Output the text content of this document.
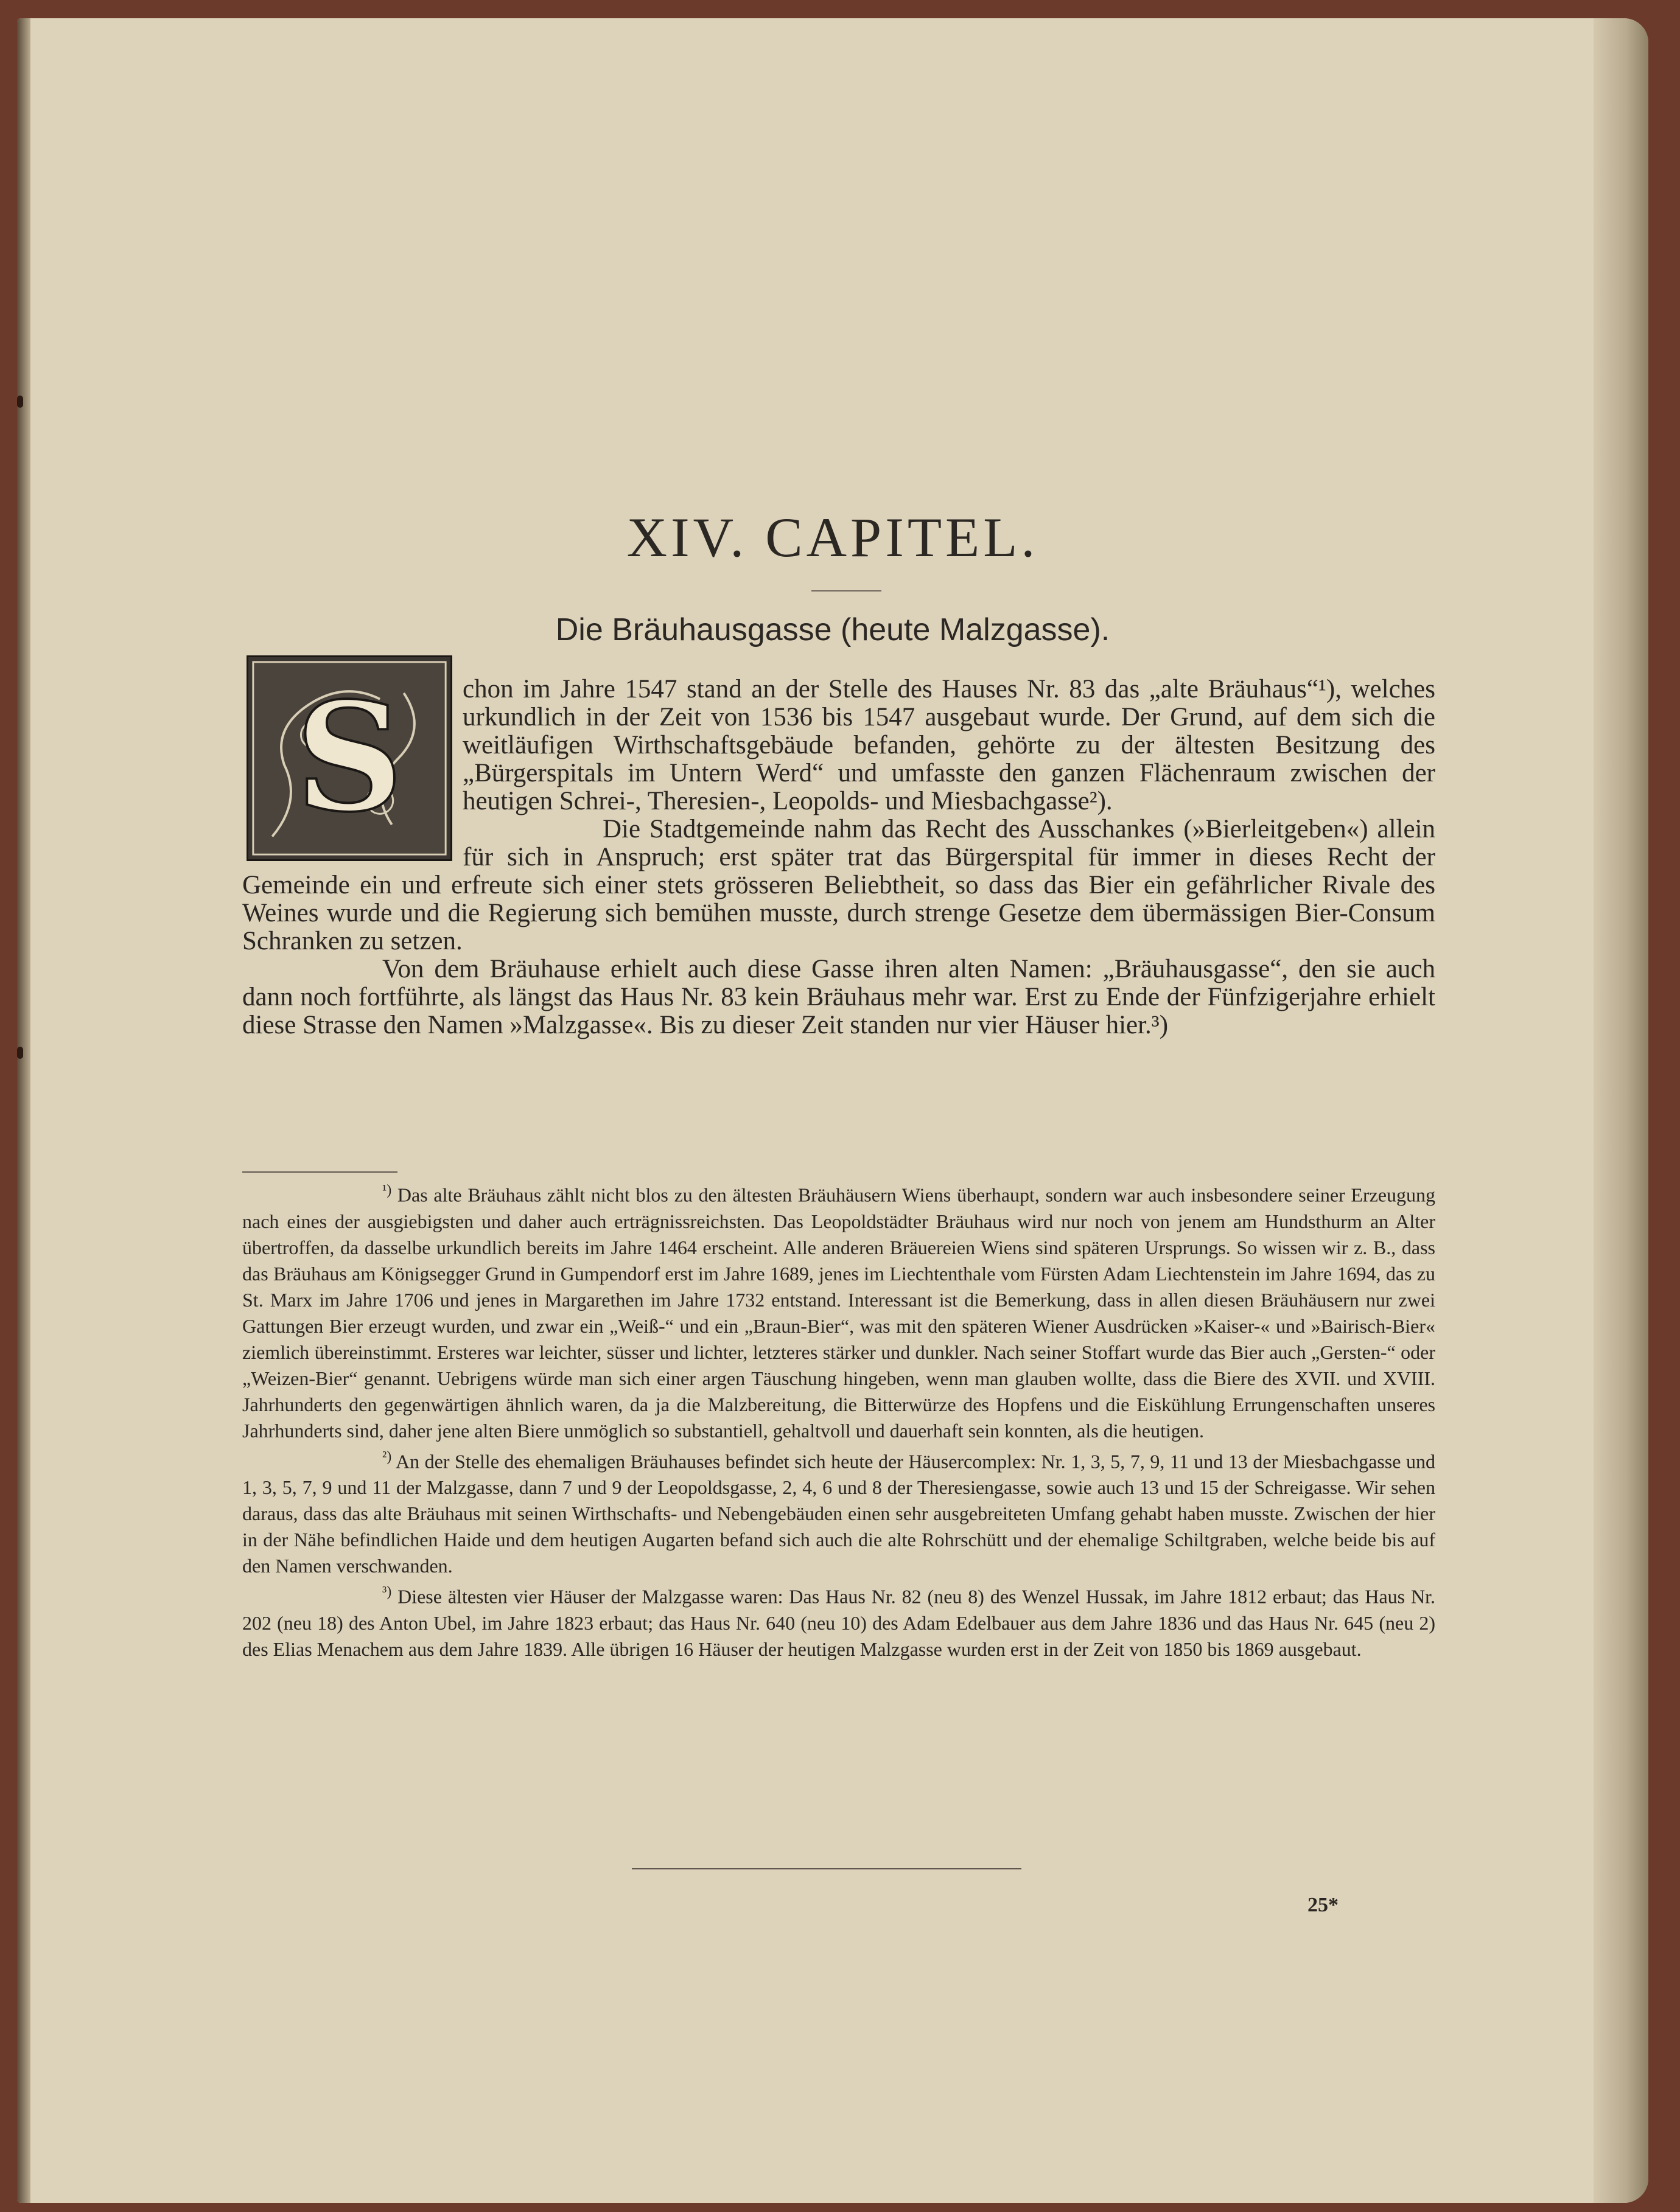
XIV. CAPITEL.
Die Bräuhausgasse (heute Malzgasse).
S	chon im Jahre 1547 stand an der Stelle des Hauses Nr. 83 das „alte Bräuhaus“¹), welches urkundlich in der Zeit von 1536 bis 1547 ausgebaut wurde. Der Grund, auf dem sich die weitläufigen Wirthschaftsgebäude befanden, gehörte zu der ältesten Besitzung des „Bürgerspitals im Untern Werd“ und umfasste den ganzen Flächenraum zwischen der heutigen Schrei-, Theresien-, Leopolds- und Miesbachgasse²).

Die Stadtgemeinde nahm das Recht des Ausschankes (»Bierleitgeben«) allein für sich in Anspruch; erst später trat das Bürgerspital für immer in dieses Recht der Gemeinde ein und erfreute sich einer stets grösseren Beliebtheit, so dass das Bier ein gefährlicher Rivale des Weines wurde und die Regierung sich bemühen musste, durch strenge Gesetze dem übermässigen Bier-Consum Schranken zu setzen.

Von dem Bräuhause erhielt auch diese Gasse ihren alten Namen: „Bräuhausgasse“, den sie auch dann noch fortführte, als längst das Haus Nr. 83 kein Bräuhaus mehr war. Erst zu Ende der Fünfzigerjahre erhielt diese Strasse den Namen »Malzgasse«. Bis zu dieser Zeit standen nur vier Häuser hier.³)

$^{^1)}$ Das alte Bräuhaus zählt nicht blos zu den ältesten Bräuhäusern Wiens überhaupt, sondern war auch insbesondere seiner Erzeugung nach eines der ausgiebigsten und daher auch erträgnissreichsten. Das Leopoldstädter Bräuhaus wird nur noch von jenem am Hundsthurm an Alter übertroffen, da dasselbe urkundlich bereits im Jahre 1464 erscheint. Alle anderen Bräuereien Wiens sind späteren Ursprungs. So wissen wir z. B., dass das Bräuhaus am Königsegger Grund in Gumpendorf erst im Jahre 1689, jenes im Liechtenthale vom Fürsten Adam Liechtenstein im Jahre 1694, das zu St. Marx im Jahre 1706 und jenes in Margarethen im Jahre 1732 entstand. Interessant ist die Bemerkung, dass in allen diesen Bräuhäusern nur zwei Gattungen Bier erzeugt wurden, und zwar ein „Weiß-“ und ein „Braun-Bier“, was mit den späteren Wiener Ausdrücken »Kaiser-« und »Bairisch-Bier« ziemlich übereinstimmt. Ersteres war leichter, süsser und lichter, letzteres stärker und dunkler. Nach seiner Stoffart wurde das Bier auch „Gersten-“ oder „Weizen-Bier“ genannt. Uebrigens würde man sich einer argen Täuschung hingeben, wenn man glauben wollte, dass die Biere des XVII. und XVIII. Jahrhunderts den gegenwärtigen ähnlich waren, da ja die Malzbereitung, die Bitterwürze des Hopfens und die Eiskühlung Errungenschaften unseres Jahrhunderts sind, daher jene alten Biere unmöglich so substantiell, gehaltvoll und dauerhaft sein konnten, als die heutigen.

$^{^2)}$ An der Stelle des ehemaligen Bräuhauses befindet sich heute der Häusercomplex: Nr. 1, 3, 5, 7, 9, 11 und 13 der Miesbachgasse und 1, 3, 5, 7, 9 und 11 der Malzgasse, dann 7 und 9 der Leopoldsgasse, 2, 4, 6 und 8 der Theresiengasse, sowie auch 13 und 15 der Schreigasse. Wir sehen daraus, dass das alte Bräuhaus mit seinen Wirthschafts- und Nebengebäuden einen sehr ausgebreiteten Umfang gehabt haben musste. Zwischen der hier in der Nähe befindlichen Haide und dem heutigen Augarten befand sich auch die alte Rohrschütt und der ehemalige Schiltgraben, welche beide bis auf den Namen verschwanden.

$^{^3)}$ Diese ältesten vier Häuser der Malzgasse waren: Das Haus Nr. 82 (neu 8) des Wenzel Hussak, im Jahre 1812 erbaut; das Haus Nr. 202 (neu 18) des Anton Ubel, im Jahre 1823 erbaut; das Haus Nr. 640 (neu 10) des Adam Edelbauer aus dem Jahre 1836 und das Haus Nr. 645 (neu 2) des Elias Menachem aus dem Jahre 1839. Alle übrigen 16 Häuser der heutigen Malzgasse wurden erst in der Zeit von 1850 bis 1869 ausgebaut.

25*
